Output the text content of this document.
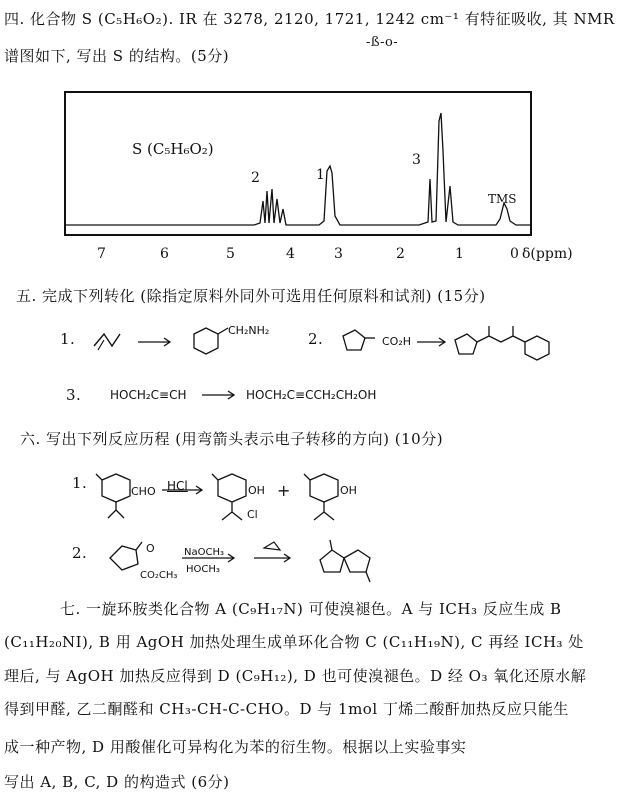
四. 化合物 S (C₅H₆O₂). IR 在 3278, 2120, 1721, 1242 cm⁻¹ 有特征吸收, 其 NMR
-ß-o-
谱图如下, 写出 S 的结构。(5分)
S (C₅H₆O₂)
2	1
3
TMS
7	6	5	4	3	2	1	0 δ(ppm)
五. 完成下列转化 (除指定原料外同外可选用任何原料和试剂) (15分)
1.	CH₂NH₂	2.	CO₂H
3. HOCH₂C≡CH	HOCH₂C≡CCH₂CH₂OH
六. 写出下列反应历程 (用弯箭头表示电子转移的方向) (10分)
1.	+
CHO HCl	OH
Cl
OH
2.	O
CO₂CH₃
NaOCH₃
HOCH₃
七. 一旋环胺类化合物 A (C₉H₁₇N) 可使溴褪色。A 与 ICH₃ 反应生成 B
(C₁₁H₂₀NI), B 用 AgOH 加热处理生成单环化合物 C (C₁₁H₁₉N), C 再经 ICH₃ 处
理后, 与 AgOH 加热反应得到 D (C₉H₁₂), D 也可使溴褪色。D 经 O₃ 氧化还原水解
得到甲醛, 乙二酮醛和 CH₃-CH-C-CHO。D 与 1mol 丁烯二酸酐加热反应只能生
成一种产物, D 用酸催化可异构化为苯的衍生物。根据以上实验事实
写出 A, B, C, D 的构造式 (6分)
